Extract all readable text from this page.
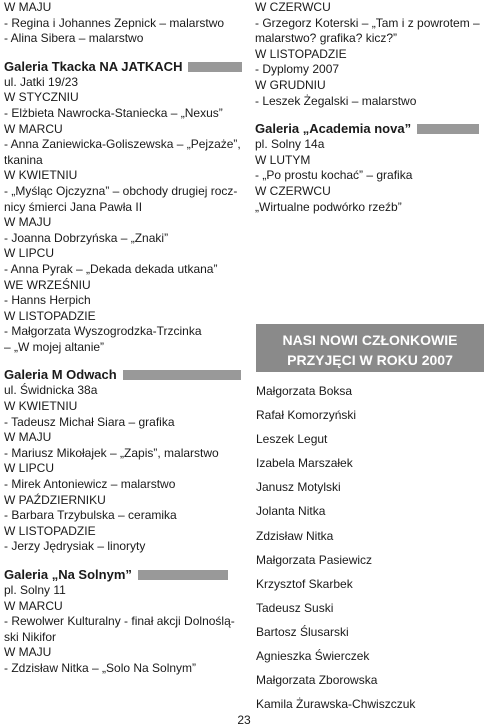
W MAJU
- Regina i Johannes Zepnick – malarstwo
- Alina Sibera – malarstwo
Galeria Tkacka NA JATKACH
ul. Jatki 19/23
W STYCZNIU
- Elżbieta Nawrocka-Staniecka – „Nexus”
W MARCU
- Anna Zaniewicka-Goliszewska – „Pejzaże”,
tkanina
W KWIETNIU
- „Myśląc Ojczyzna” – obchody drugiej rocz-
nicy śmierci Jana Pawła II
W MAJU
- Joanna Dobrzyńska – „Znaki”
W LIPCU
- Anna Pyrak – „Dekada dekada utkana”
WE WRZEŚNIU
- Hanns Herpich
W LISTOPADZIE
- Małgorzata Wyszogrodzka-Trzcinka
– „W mojej altanie”
Galeria M Odwach
ul. Świdnicka 38a
W KWIETNIU
- Tadeusz Michał Siara – grafika
W MAJU
- Mariusz Mikołajek – „Zapis”, malarstwo
W LIPCU
- Mirek Antoniewicz – malarstwo
W PAŹDZIERNIKU
- Barbara Trzybulska – ceramika
W LISTOPADZIE
- Jerzy Jędrysiak – linoryty
Galeria „Na Solnym”
pl. Solny 11
W MARCU
- Rewolwer Kulturalny - finał akcji Dolnoślą-
ski Nikifor
W MAJU
- Zdzisław Nitka – „Solo Na Solnym”
W CZERWCU
- Grzegorz Koterski – „Tam i z powrotem –
malarstwo? grafika? kicz?”
W LISTOPADZIE
- Dyplomy 2007
W GRUDNIU
- Leszek Żegalski – malarstwo
Galeria „Academia nova”
pl. Solny 14a
W LUTYM
- „Po prostu kochać” – grafika
W CZERWCU
„Wirtualne podwórko rzeźb”
NASI NOWI CZŁONKOWIE
PRZYJĘCI W ROKU 2007
Małgorzata Boksa
Rafał Komorzyński
Leszek Legut
Izabela Marszałek
Janusz Motylski
Jolanta Nitka
Zdzisław Nitka
Małgorzata Pasiewicz
Krzysztof Skarbek
Tadeusz Suski
Bartosz Ślusarski
Agnieszka Świerczek
Małgorzata Zborowska
Kamila Żurawska-Chwiszczuk
23
